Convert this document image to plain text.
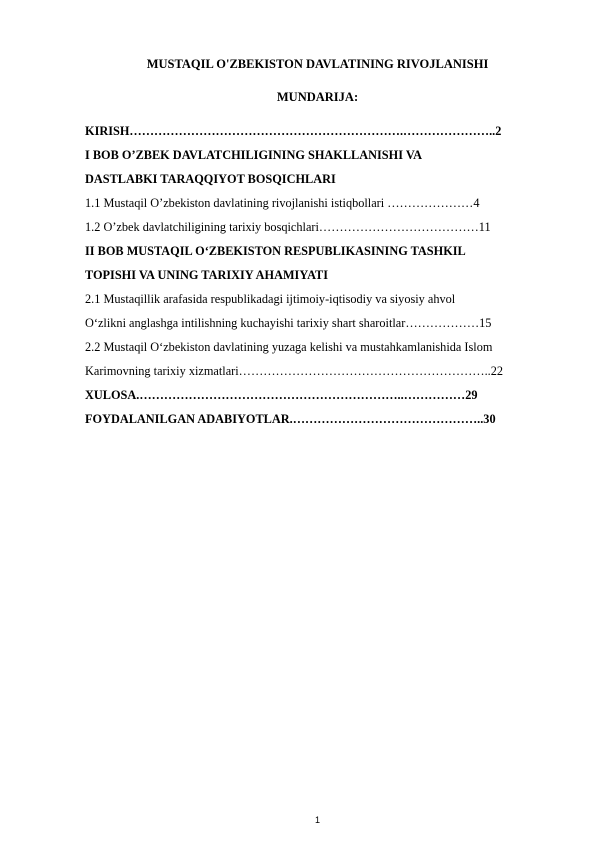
MUSTAQIL O'ZBEKISTON DAVLATINING RIVOJLANISHI
MUNDARIJA:
KIRISH………………………………………………………….…………………..2
I BOB O’ZBEK DAVLATCHILIGINING SHAKLLANISHI VA
DASTLABKI TARAQQIYOT BOSQICHLARI
1.1 Mustaqil O’zbekiston davlatining rivojlanishi istiqbollari …………………4
1.2 O’zbek davlatchiligining tarixiy bosqichlari…………………………………11
II BOB MUSTAQIL O‘ZBEKISTON RESPUBLIKASINING TASHKIL
TOPISHI VA UNING TARIXIY AHAMIYATI
2.1 Mustaqillik arafasida respublikadagi ijtimoiy-iqtisodiy va siyosiy ahvol
O‘zlikni anglashga intilishning kuchayishi tarixiy shart sharoitlar………………15
2.2 Mustaqil O‘zbekiston davlatining yuzaga kelishi va mustahkamlanishida Islom
Karimovning tarixiy xizmatlari……………………………………………………..22
XULOSA.………………………………………………………..……………29
FOYDALANILGAN ADABIYOTLAR.………………………………………..30
1
